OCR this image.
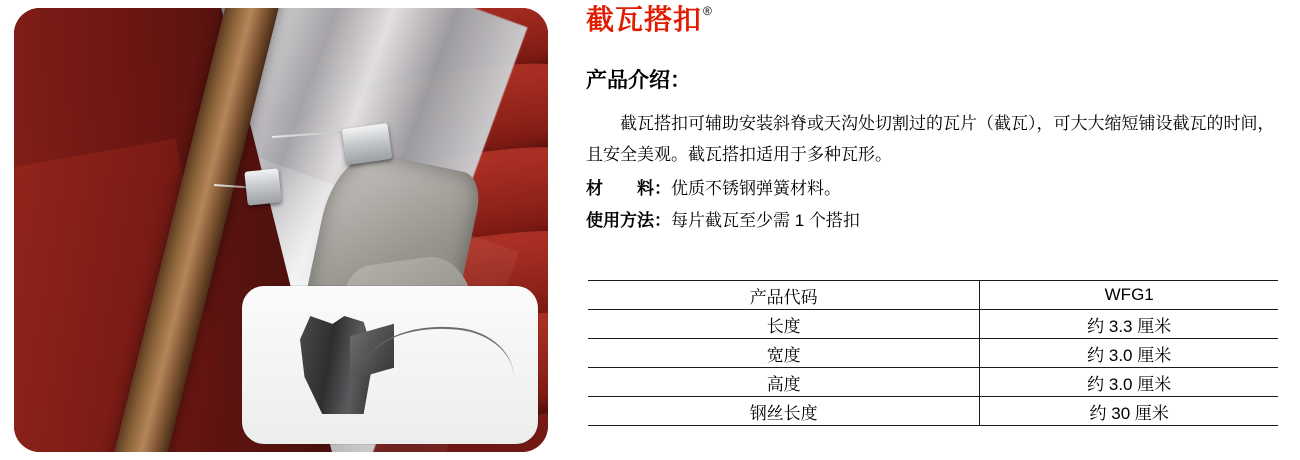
截瓦搭扣 ®
产品介绍：
截瓦搭扣可辅助安装斜脊或天沟处切割过的瓦片（截瓦），可大大缩短铺设截瓦的时间，且安全美观。截瓦搭扣适用于多种瓦形。
材　　料：优质不锈钢弹簧材料。
使用方法：每片截瓦至少需 1 个搭扣
产品代码	WFG1
长度	约 3.3 厘米
宽度	约 3.0 厘米
高度	约 3.0 厘米
钢丝长度	约 30 厘米
